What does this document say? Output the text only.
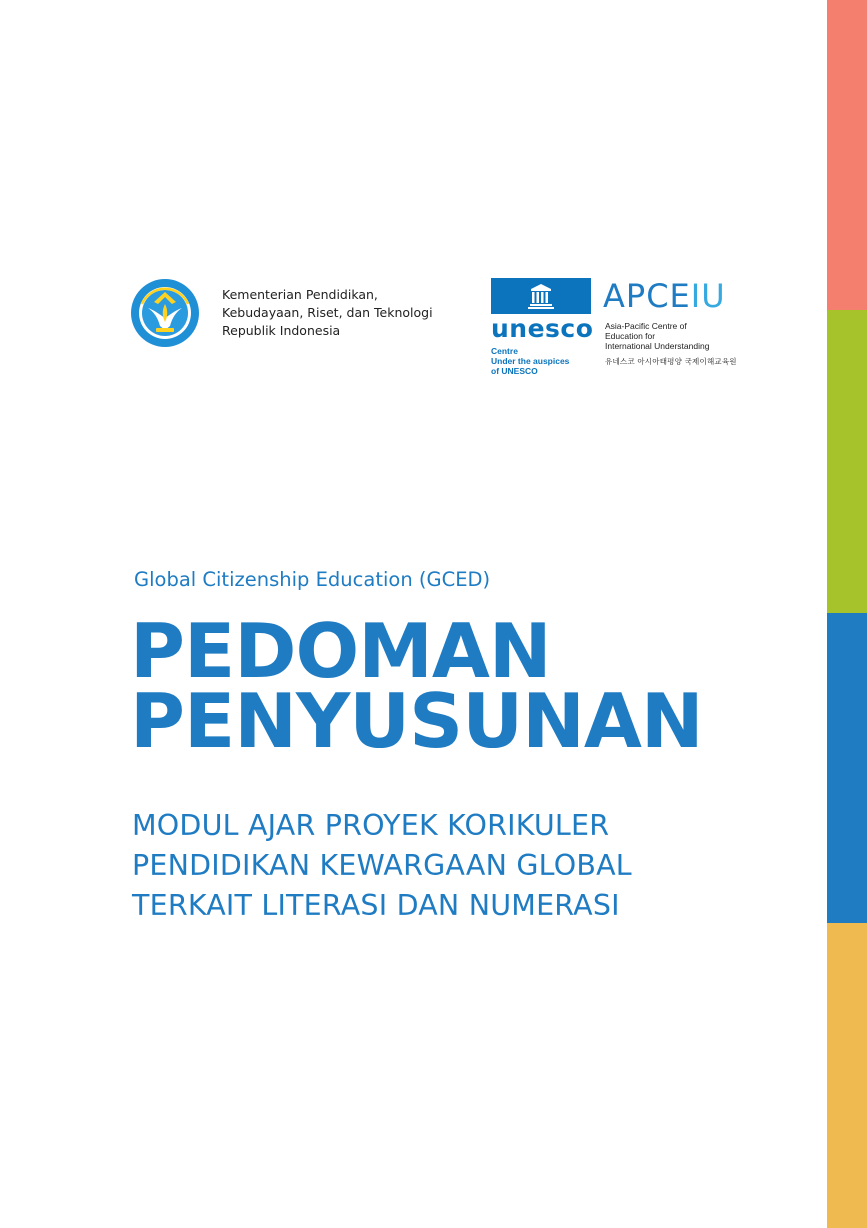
Kementerian Pendidikan,
Kebudayaan, Riset, dan Teknologi
Republik Indonesia	unesco
Centre
Under the auspices
of UNESCO
APCEIU
Asia-Pacific Centre of
Education for
International Understanding
유네스코 아시아태평양 국제이해교육원
Global Citizenship Education (GCED)
PEDOMAN
PENYUSUNAN
MODUL AJAR PROYEK KORIKULER
PENDIDIKAN KEWARGAAN GLOBAL
TERKAIT LITERASI DAN NUMERASI
